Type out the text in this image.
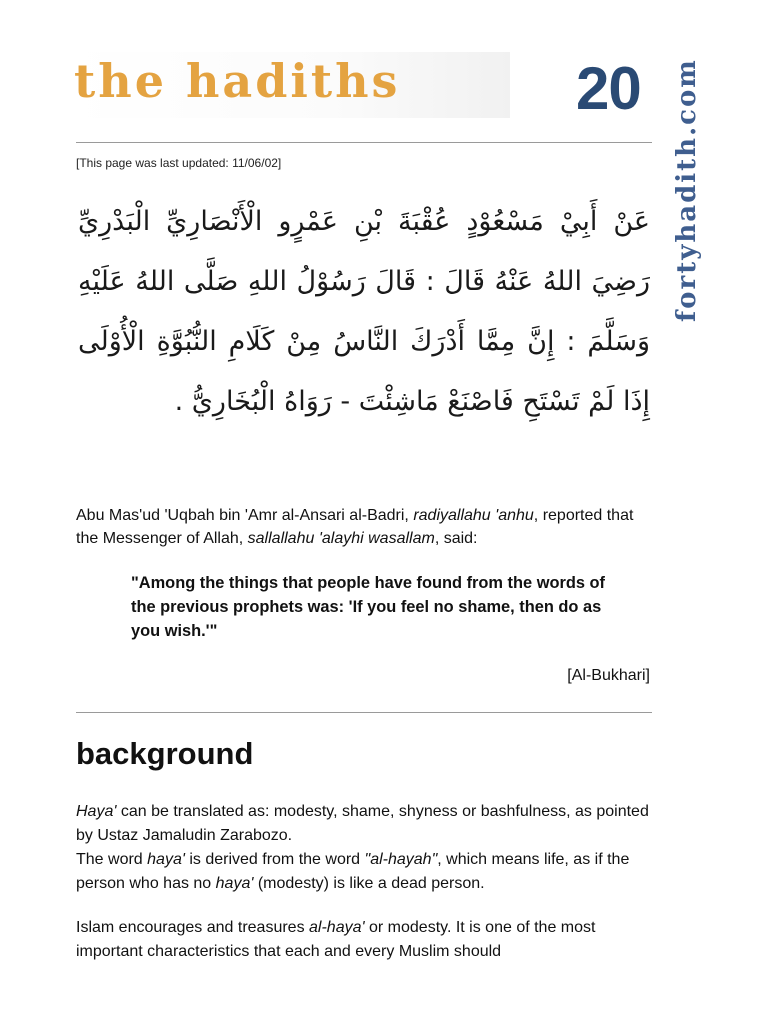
the hadiths	20 fortyhadith.com
[This page was last updated: 11/06/02]
عَنْ أَبِيْ مَسْعُوْدٍ عُقْبَةَ بْنِ عَمْرٍو الْأَنْصَارِيِّ الْبَدْرِيِّ رَضِيَ اللهُ عَنْهُ قَالَ : قَالَ رَسُوْلُ اللهِ صَلَّى اللهُ عَلَيْهِ وَسَلَّمَ : إِنَّ مِمَّا أَدْرَكَ النَّاسُ مِنْ كَلَامِ النُّبُوَّةِ الْأُوْلَى إِذَا لَمْ تَسْتَحِ فَاصْنَعْ مَاشِئْتَ - رَوَاهُ الْبُخَارِيُّ .
Abu Mas'ud 'Uqbah bin 'Amr al-Ansari al-Badri, radiyallahu 'anhu, reported that the Messenger of Allah, sallallahu 'alayhi wasallam, said:
"Among the things that people have found from the words of the previous prophets was: 'If you feel no shame, then do as you wish.'"
[Al-Bukhari]
background
Haya' can be translated as: modesty, shame, shyness or bashfulness, as pointed by Ustaz Jamaludin Zarabozo.
The word haya' is derived from the word "al-hayah", which means life, as if the person who has no haya' (modesty) is like a dead person.
Islam encourages and treasures al-haya' or modesty. It is one of the most important characteristics that each and every Muslim should
